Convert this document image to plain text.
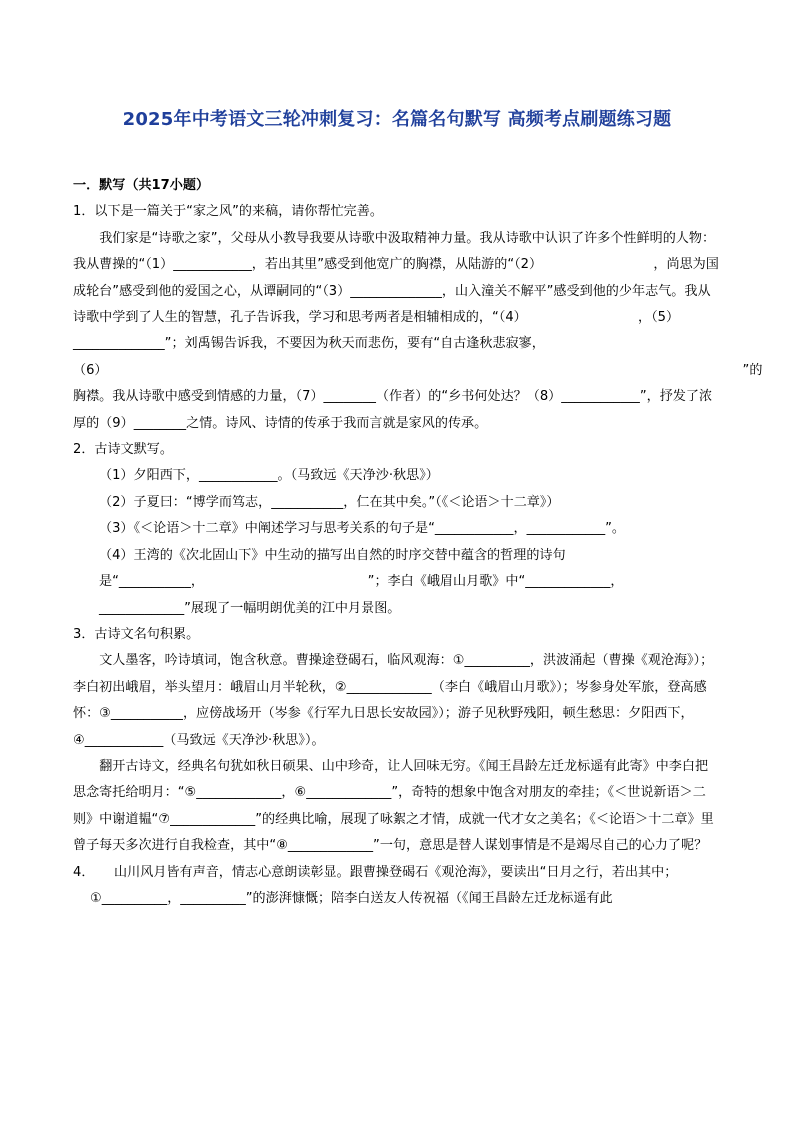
2025年中考语文三轮冲刺复习：名篇名句默写 高频考点刷题练习题

一．默写（共17小题）

1．以下是一篇关于“家之风”的来稿，请你帮忙完善。

我们家是“诗歌之家”，父母从小教导我要从诗歌中汲取精神力量。我从诗歌中认识了许多个性鲜明的人物：我从曹操的“（1）____________，若出其里”感受到他宽广的胸襟，从陆游的“（2）　　　　　　　　　，尚思为国成轮台”感受到他的爱国之心，从谭嗣同的“（3）______________，山入潼关不解平”感受到他的少年志气。我从诗歌中学到了人生的智慧，孔子告诉我，学习和思考两者是相辅相成的，“（4）　　　　　　　　　，（5）______________”；刘禹锡告诉我，不要因为秋天而悲伤，要有“自古逢秋悲寂寥，（6）　　　　　　　　　　　　　　　　　　　　　　　　　　　　　　　　　　　　　　　　　　　　　　　　　”的胸襟。我从诗歌中感受到情感的力量，（7）________（作者）的“乡书何处达？（8）____________”，抒发了浓厚的（9）________之情。诗风、诗情的传承于我而言就是家风的传承。

2．古诗文默写。

（1）夕阳西下，____________。（马致远《天净沙·秋思》）

（2）子夏曰：“博学而笃志，___________，仁在其中矣。”（《＜论语＞十二章》）

（3）《＜论语＞十二章》中阐述学习与思考关系的句子是“____________，____________”。

（4）王湾的《次北固山下》中生动的描写出自然的时序交替中蕴含的哲理的诗句是“___________，　　　　　　　　　　　　　”；李白《峨眉山月歌》中“_____________，_____________”展现了一幅明朗优美的江中月景图。

3．古诗文名句积累。

文人墨客，吟诗填词，饱含秋意。曹操途登碣石，临风观海：①__________，洪波涌起（曹操《观沧海》）；李白初出峨眉，举头望月：峨眉山月半轮秋，②_____________（李白《峨眉山月歌》）；岑参身处军旅，登高感怀：③___________，应傍战场开（岑参《行军九日思长安故园》）；游子见秋野残阳，顿生愁思：夕阳西下，④____________（马致远《天净沙·秋思》）。

翻开古诗文，经典名句犹如秋日硕果、山中珍奇，让人回味无穷。《闻王昌龄左迁龙标遥有此寄》中李白把思念寄托给明月：“⑤_____________，⑥_____________”，奇特的想象中饱含对朋友的牵挂；《＜世说新语＞二则》中谢道韫“⑦_____________”的经典比喻，展现了咏絮之才情，成就一代才女之美名；《＜论语＞十二章》里曾子每天多次进行自我检查，其中“⑧_____________”一句，意思是替人谋划事情是不是竭尽自己的心力了呢？

4．　　山川风月皆有声音，情志心意朗读彰显。跟曹操登碣石《观沧海》，要读出“日月之行，若出其中；①__________，__________”的澎湃慷慨；陪李白送友人传祝福（《闻王昌龄左迁龙标遥有此
